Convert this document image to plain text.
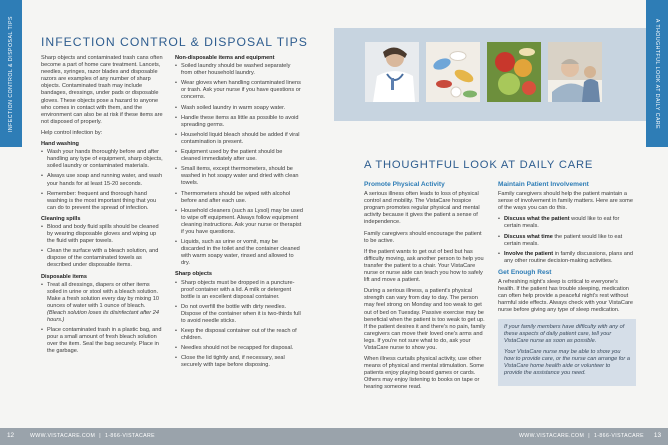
INFECTION CONTROL & DISPOSAL TIPS INFECTION CONTROL & DISPOSAL TIPS

Sharp objects and contaminated trash cans often become a part of home care treatment. Lancets, needles, syringes, razor blades and disposable razors are examples of any number of sharp objects. Contaminated trash may include bandages, dressings, under pads or disposable gloves. These objects pose a hazard to anyone who comes in contact with them, and the environment can also be at risk if these items are not disposed of properly.

Help control infection by:

Hand washing
• Wash your hands thoroughly before and after handling any type of equipment, sharp objects, soiled laundry or contaminated materials.
• Always use soap and running water, and wash your hands for at least 15-20 seconds.
• Remember: frequent and thorough hand washing is the most important thing that you can do to prevent the spread of infection.
Cleaning spills
• Blood and body fluid spills should be cleaned by wearing disposable gloves and wiping up the fluid with paper towels.
• Clean the surface with a bleach solution, and dispose of the contaminated towels as described under disposable items.
Disposable items
• Treat all dressings, diapers or other items soiled in urine or stool with a bleach solution. Make a fresh solution every day by mixing 10 ounces of water with 1 ounce of bleach. (Bleach solution loses its disinfectant after 24 hours.)
• Place contaminated trash in a plastic bag, and pour a small amount of fresh bleach solution over the item. Seal the bag securely. Place in the garbage.
Non-disposable items and equipment
• Soiled laundry should be washed separately from other household laundry.
• Wear gloves when handling contaminated linens or trash. Ask your nurse if you have questions or concerns.
• Wash soiled laundry in warm soapy water.
• Handle these items as little as possible to avoid spreading germs.
• Household liquid bleach should be added if viral contamination is present.
• Equipment used by the patient should be cleaned immediately after use.
• Small items, except thermometers, should be washed in hot soapy water and dried with clean towels.
• Thermometers should be wiped with alcohol before and after each use.
• Household cleaners (such as Lysol) may be used to wipe off equipment. Always follow equipment cleaning instructions. Ask your nurse or therapist if you have questions.
• Liquids, such as urine or vomit, may be discarded in the toilet and the container cleaned with warm soapy water, rinsed and allowed to dry.
Sharp objects
• Sharp objects must be dropped in a puncture-proof container with a lid. A milk or detergent bottle is an excellent disposal container.
• Do not overfill the bottle with dirty needles. Dispose of the container when it is two-thirds full to avoid needle sticks.
• Keep the disposal container out of the reach of children.
• Needles should not be recapped for disposal.
• Close the lid tightly and, if necessary, seal securely with tape before disposing.
12	WWW.VISTACARE.COM | 1-866-VISTACARE
A THOUGHTFUL LOOK AT DAILY CARE
A THOUGHTFUL LOOK AT DAILY CARE
Promote Physical Activity

A serious illness often leads to loss of physical control and mobility. The VistaCare hospice program promotes regular physical and mental activity because it gives the patient a sense of independence.

Family caregivers should encourage the patient to be active.

If the patient wants to get out of bed but has difficulty moving, ask another person to help you transfer the patient to a chair. Your VistaCare nurse or nurse aide can teach you how to safely lift and move a patient.

During a serious illness, a patient's physical strength can vary from day to day. The person may feel strong on Monday and too weak to get out of bed on Tuesday. Passive exercise may be beneficial when the patient is too weak to get up. If the patient desires it and there's no pain, family caregivers can move their loved one's arms and legs. If you're not sure what to do, ask your VistaCare nurse to show you.

When illness curtails physical activity, use other means of physical and mental stimulation. Some patients enjoy playing board games or cards. Others may enjoy listening to books on tape or hearing someone read.

Maintain Patient Involvement

Family caregivers should help the patient maintain a sense of involvement in family matters. Here are some of the ways you can do this.

• Discuss what the patient would like to eat for certain meals.
• Discuss what time the patient would like to eat certain meals.
• Involve the patient in family discussions, plans and any other routine decision-making activities.
Get Enough Rest

A refreshing night's sleep is critical to everyone's health. If the patient has trouble sleeping, medication can often help provide a peaceful night's rest without harmful side effects. Always check with your VistaCare nurse before giving any type of sleep medication.

If your family members have difficulty with any of these aspects of daily patient care, tell your VistaCare nurse as soon as possible.

Your VistaCare nurse may be able to show you how to provide care, or the nurse can arrange for a VistaCare home health aide or volunteer to provide the assistance you need.

WWW.VISTACARE.COM | 1-866-VISTACARE 13
